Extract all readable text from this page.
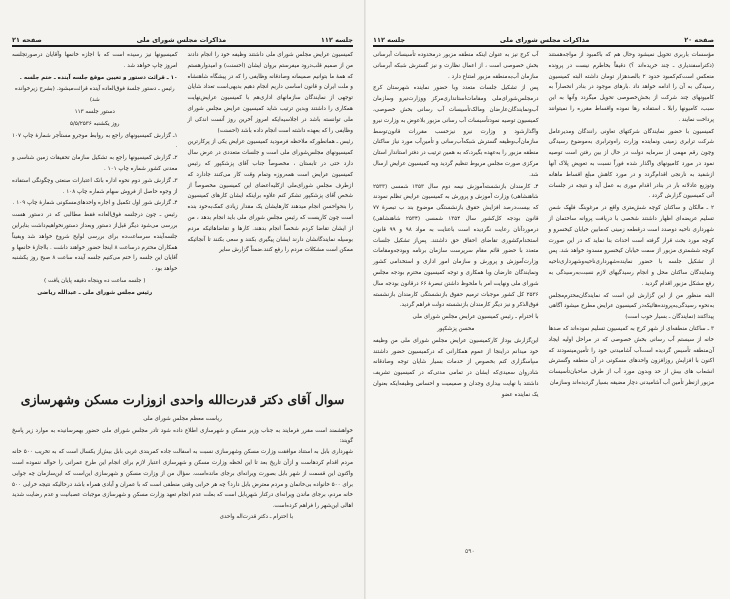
جلسه ۱۱۲
مذاکرات مجلس شورای ملی
صفحه ۲۱

کمیسیون عرایض مجلس شورای ملی داشتند وظیفه خود را انجام دادند من از صمیم قلب‌درود میفرستم بروان ایشان (احسنت) و امیدوارهستم که همهٔ ما بتوانیم صمیمانه وصادقانه وظایفی را که در پیشگاه شاهنشاه و ملت ایران و قانون اساسی داریم انجام دهیم بدیهی‌است تعداد شایان توجهی از نمایندگان سازمانهای اداری‌هم با کمیسیون عرایض‌نهایت همکاری را داشتند وبدین ترتیب شاید کمیسیون عرایض مجلس شورای ملی توانسته باشد در اجلاسیه‌ایکه امروز آخرین روز آنست اندکی از وظایفی را که بعهده داشته است انجام داده باشد (احسنت)

رئیس ـ همانطورکه ملاحظه فرمودید کمیسیون عرایض یکی از پرکارترین کمیسیونهای مجلس‌شورای ملی است و جلسات متعددی در عرض سال دارد حتی در تابستان ، مخصوصاً جناب آقای پزشکپور که رئیس کمیسیون عرایض است همه‌روزه وتمام وقت کار می‌کنند جادارد که ازطرف مجلس شورای‌ملی ازکلیه‌اعضای این کمیسیون مخصوصاً از شخص آقای پزشکپور تشکر کنم علاوه براینکه ایشان کارهای کمیسیون را بنحواحسن انجام میدهند کارهایشان یک مقدار زیادی کمک‌به‌خود بنده است چون کاریست که رئیس مجلس شورای ملی باید انجام بدهد ، من از ایشان تقاضا کردم شخصاً انجام بدهند. کارها و تقاضاهائیکه مردم بوسیله نمایندگانشان دارند ایشان پیگیری بکنند و سعی بکنند تا آنجائیکه ممکن است مشکلات مردم را رفع کنند.ضمناً گزارش سایر

کمیسیونها نیز رسیده است که با اجازه خانمها وآقایان درصورتجلسه امروز چاپ خواهد شد .

۱۰ ـ قرائت دستور و تعیین موقع جلسه آینده ـ ختم جلسه .

رئیس ـ دستور جلسهٔ فوق‌العاده آینده قرائت‌میشود. (بشرح زیرخوانده شد)

دستور جلسه ۱۱۳

روز یکشنبه ۵/۵/۲۵۳۶

۱ـ گزارش کمیسیونهای راجع به روابط موجرو مستأجر شمارهٔ چاپ ۱۰۷ .

۲ـ گزارش کمیسیونها راجع به تشکیل سازمان تحقیقات زمین شناسی و معدنی کشور شماره چاپ ۱۰۱ .

۳ـ گزارش شور دوم نحوه اداره بانک اعتبارات صنعتی وچگونگی استفاده از وجوه حاصل از فروش سهام شماره چاپ ۱۰۸ .

۴ـ گزارش شور اول تکمیل و اجاره واحدهای‌مسکونی شمارهٔ چاپ ۱۰۹ .

رئیس ـ چون درجلسه فوق‌العاده فقط مطالبی که در دستور هست بررسی می‌شود دیگر قبل‌از دستور وبعداز دستورنخواهیم‌داشت بنابراین جلسه‌آینده سرساعت‌ده برای بررسی لوایح شروع خواهد شد وبقیناً همکاران محترم درساعت ۸ اینجا حضور خواهند داشت . بااجازهٔ خانمها و آقایان این جلسه را ختم می‌کنیم جلسه آینده ساعت ۸ صبح روز یکشنبه خواهد بود .

( جلسه ساعت ده وپنجاه دقیقه پایان یافت )

رئیس مجلس شورای ملی ـ عبدالله ریاضی

سوال آقای دکتر قدرت‌الله واحدی ازوزارت مسکن وشهرسازی
ریاست معظم مجلس شورای ملی

خواهشمند است مقرر فرمایند به جناب وزیر مسکن و شهرسازی اطلاع داده شود تادر مجلس شورای ملی حضور بهمرسانیده به موارد زیر پاسخ گویند:

شهرداری بابل به استناد موافقت وزارت مسکن وشهرسازی نسبت به اسفالت جاده کمربندی غربی بابل بیش‌از یکسال است که به تخریب ۵۰۰ خانه مردم اقدام کردهاست و ازآن تاریخ بعد تا این لحظه وزارت مسکن و شهرسازی اعتبار لازم برای انجام این طرح عمرانی را حواله ننموده است واکنون این قسمت از شهر بابل بصورت ویرانه‌ای برجای مانده‌است. سؤال من از وزارت مسکن و شهرسازی این‌است که این‌سازمان چه جوابی برای ۵۰۰ خانواده بی‌خانمان و مردم معترض بابل دارد؟ چه هر خرابی وقتی منطقی است که با عمران و آبادی همراه باشد درحالیکه نتیجه خرابی ۵۰۰ خانه مردم، برجای ماندن ویرانه‌ای درکنار شهربابل است که بعلت عدم انجام تعهد وزارت مسکن و شهرسازی موجبات عصبانیت و عدم رضایت شدید اهالی این‌شهر را فراهم کرده‌است.

با احترام ـ دکتر قدرت‌اله واحدی

صفحه ۲۰
مذاکرات مجلس شورای ملی
جلسه ۱۱۲

مؤسسات باربری تحویل نمیشود وحال هم که باکمبود از مواجه‌هستند (دکتر‌اسفندیاری ـ چند خریده‌اند ؟) دقیقاً بخاطرم نیست در پرونده منعکس است‌کم‌کمبود حدود ۲ بالصدهزار تومان داشته البته کمیسیون رسیدگی به آن را ادامه خواهد داد .بارهای موجود در بنادر انحصاراً به کامیونهای چند شرکت از بخش‌خصوصی تحویل میگردد وآنها به این سبب، کامیونها رابلا ـ استفاده رها نموده واقساط مقرره را نمیتوانند پرداخت نمایند .

کمیسیون با حضور نمایندگان شرکتهای تعاونی رانندگان ومدیرعامل شرکت ترابری زمینی ونماینده وزارت راه‌وترابری به‌موضوع رسیدگی وچون رقم مهمی از سرمایه دولت در حال از بین رفتن است توصیه نمود در مورد کامیونهای واگذار شده فوراً نسبت به تعویض پلاک آنها ازشفید به نارنجی اقدام‌گردد و در مورد کاهش مبلغ اقساط ماهانه وتوزیع عادلانه بار در بنادر اقدام موری به عمل آید و نتیجه در جلسات آتی کمیسیون گزارش گردد .

۲ ـ مالکان و ساکنان کوچه شش‌متری واقع در مرغوبنگ فلهک شمن تسلیم عریضه‌ای اظهار داشتند شخصی با دریافت پروانه ساختمان از شهرداری ناحیه دوصدد است درقطعه زمینی که‌مابین خیابان کیخسرو و کوچه مورد بحث قرار گرفته است احداث بنا نماید که در این صورت کوچه ششمتری مزبور از سمت خیابان کیخسرو مسدود خواهد شد. پس از تشکیل جلسه با حضور نماینده‌شهرداری‌ناحیه‌وشهرداری‌ناحیه ونمایندگان ساکنان محل و انجام رسیدگیهای لازم نسبت‌به‌رسیدگی به رفع مشکل مزبور اقدام گردید .

البته منظور من از این گزارش این است که نمایندگان‌محترم‌مجلس به‌نحوه رسیدگی‌به‌پرونده‌هائیکه‌در کمیسیون عرایض مطرح میشود آگاهی پیداکنند (نمایندگان ـ بسیار خوب است)

۳ ـ ساکنان منطقه‌ای از شهر کرج به کمیسیون تسلیم نموده‌اند که صدها خانه از سیستم آب رسانی بخش خصوصی که در مراحل اولیه ایجاد آن‌منطقه تأسیس گردیده است‌آب آشامیدنی خود را تأمین‌مینمودند که اکنون با افزایش روزافزون واحدهای مسکونی در آن منطقه وگسترش انشعاب های بیش از حد وبدون مورد آب از طرف صاحبان‌تأسیسات مزبور ازنظر تأمین آب آشامیدنی دچار مضیقه بسیار گردیده‌اند وسازمان

آب کرج نیز به عنوان اینکه منطقه مزبور درمحدوده تأسیسات آبرسانی بخش خصوصی است ، از اعمال نظارت و نیز گسترش شبکه آبرسانی سازمان آب‌به‌منطقه مزبور امتناع دارد .

پس از تشکیل جلسات متعدد وبا حضور نماینده شهرستان کرج درمجلس‌شورای‌ملی ومقامات‌استانداری‌مرکز ووزارت‌نیرو وسازمان آب‌ونمایندگان‌عارضان ومالک‌تأسیسات آب رسانی بخش خصوصی، کمیسیون توصیه نمودتأسیسات آب رسانی مزبور بلاعوض به وزارت نیرو واگذارشود و وزارت نیرو نیزحسب مقررات قانون‌توسط سازمان‌آب‌وظیفه گسترش شبکه‌آب‌رسانی و تأمین‌آب مورد نیاز ساکنان منطقه مزبور را به‌عهده بگیرد،که به همین ترتیب در دفتر استاندار استان مرکزی صورت مجلس مربوط تنظیم گردید وبه کمیسیون عرایض ارسال شد.

۴ـ کارمندان بازنشسته‌آموزش نیمه دوم سال ۱۳۵۳ شمسی (۲۵۳۳ شاهنشاهی) وزارت آموزش و پرورش به کمیسیون عرایض تظلم نمودند که بیست‌درصد افزایش حقوق بازنشستگی موضوع بند ب تبصرهٔ ۷۷ قانون بودجه کل‌کشور سال ۱۳۵۴ شمسی (۲۵۳۴ شاهنشاهی) درموردآنان رعایت نگردیده است باعنایت به مواد ۹۸ و ۹۹ قانون استخدام‌کشوری تقاضای احقاق حق داشتند. پس‌از تشکیل جلسات متعدد با حضور قائم مقام سرپرست سازمان برنامه وبودجه‌ومقامات وزارت‌آموزش و پرورش و سازمان امور اداری و استخدامی کشور ونمایندگان عارضان وبا همکاری و توجه کمیسیون محترم بودجه مجلس شورای ملی ونهایت امر با ملحوظ داشتن تبصرهٔ ۶۶ درقانون بودجه سال ۲۵۳۶ کل کشور موجبات ترمیم حقوق بازنشستگی کارمندان بازنشسته فوق‌الذکر و نیز دیگر کارمندان بازنشسته دولت فراهم گردید.

با احترام ـ رئیس کمیسیون عرایض مجلس شورای ملی

محسن پزشکپور

این‌گزارش بوداز کارکمیسیون عرایض مجلس شورای ملی من وظیفه خود میدانم دراینجا از عموم همکارانی که درکمیسیون حضور داشتند سپاسگزاری کنم بخصوص از خدمات بسیار شایان توجه وصادقانه شادروان سعیدی‌که ایشان در تمامی مدتی‌که در کمیسیون تشریف داشتند با نهایت بیداری وجدان و صمیمیت و احساس وظیفه‌ایکه بعنوان یک نماینده عضو

۵۹۰
